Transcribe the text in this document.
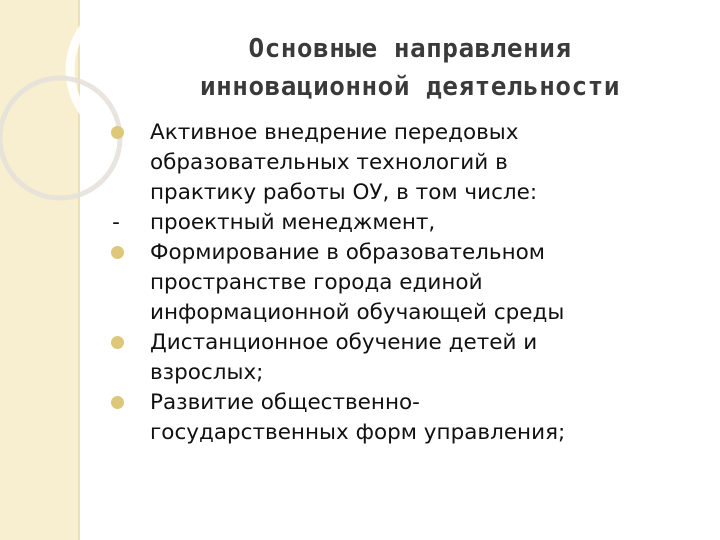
Основные направления
инновационной деятельности
Активное внедрение передовых
образовательных технологий в
практику работы ОУ, в том числе:
- проектный менеджмент,
Формирование в образовательном
пространстве города единой
информационной обучающей среды
Дистанционное обучение детей и
взрослых;
Развитие общественно-
государственных форм управления;
